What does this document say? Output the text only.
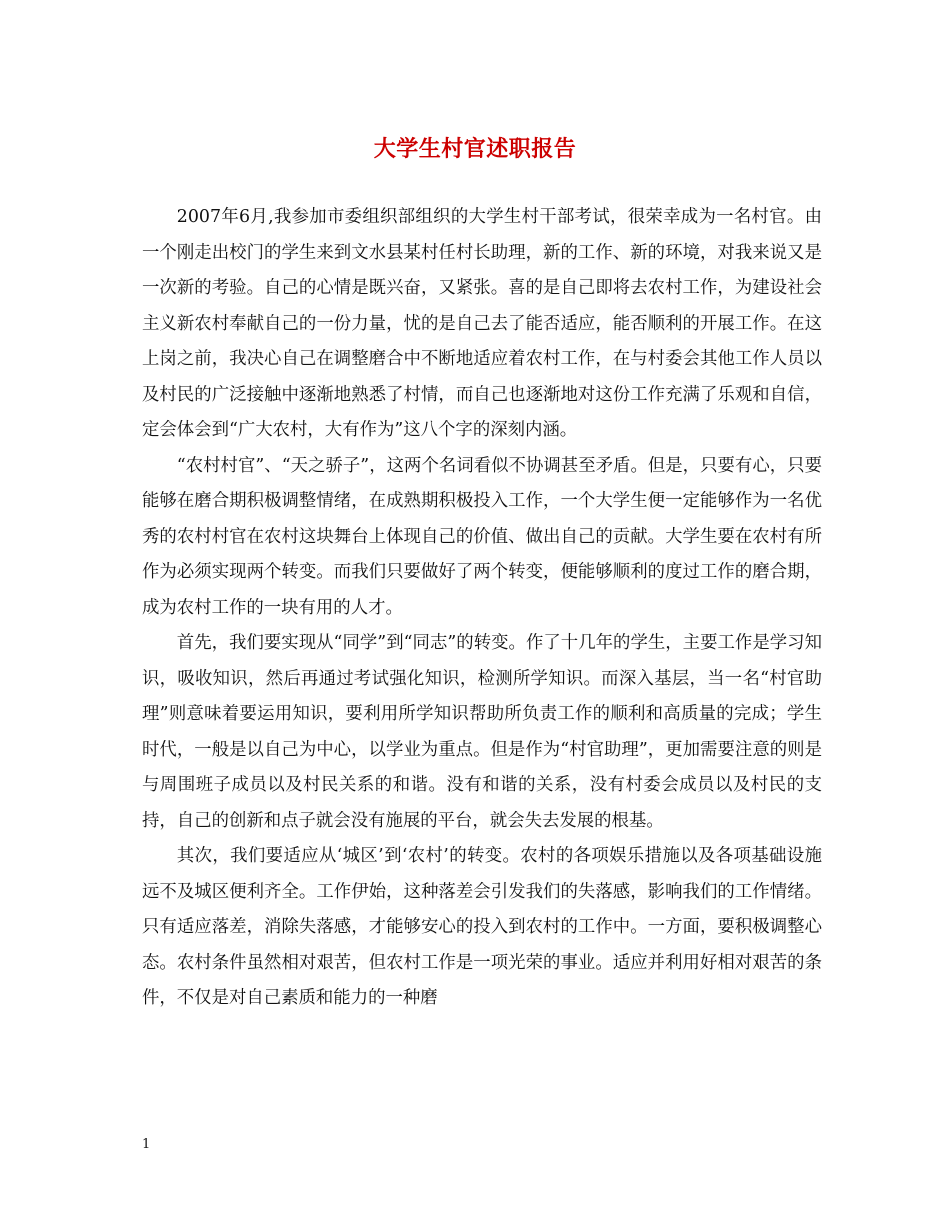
大学生村官述职报告

2007年6月,我参加市委组织部组织的大学生村干部考试，很荣幸成为一名村官。由一个刚走出校门的学生来到文水县某村任村长助理，新的工作、新的环境，对我来说又是一次新的考验。自己的心情是既兴奋，又紧张。喜的是自己即将去农村工作，为建设社会主义新农村奉献自己的一份力量，忧的是自己去了能否适应，能否顺利的开展工作。在这上岗之前，我决心自己在调整磨合中不断地适应着农村工作，在与村委会其他工作人员以及村民的广泛接触中逐渐地熟悉了村情，而自己也逐渐地对这份工作充满了乐观和自信，定会体会到“广大农村，大有作为”这八个字的深刻内涵。

“农村村官”、“天之骄子”，这两个名词看似不协调甚至矛盾。但是，只要有心，只要能够在磨合期积极调整情绪，在成熟期积极投入工作，一个大学生便一定能够作为一名优秀的农村村官在农村这块舞台上体现自己的价值、做出自己的贡献。大学生要在农村有所作为必须实现两个转变。而我们只要做好了两个转变，便能够顺利的度过工作的磨合期，成为农村工作的一块有用的人才。

首先，我们要实现从“同学”到“同志”的转变。作了十几年的学生，主要工作是学习知识，吸收知识，然后再通过考试强化知识，检测所学知识。而深入基层，当一名“村官助理”则意味着要运用知识，要利用所学知识帮助所负责工作的顺利和高质量的完成；学生时代，一般是以自己为中心，以学业为重点。但是作为“村官助理”，更加需要注意的则是与周围班子成员以及村民关系的和谐。没有和谐的关系，没有村委会成员以及村民的支持，自己的创新和点子就会没有施展的平台，就会失去发展的根基。

其次，我们要适应从‘城区’到‘农村’的转变。农村的各项娱乐措施以及各项基础设施远不及城区便利齐全。工作伊始，这种落差会引发我们的失落感，影响我们的工作情绪。只有适应落差，消除失落感，才能够安心的投入到农村的工作中。一方面，要积极调整心态。农村条件虽然相对艰苦，但农村工作是一项光荣的事业。适应并利用好相对艰苦的条件，不仅是对自己素质和能力的一种磨

1
